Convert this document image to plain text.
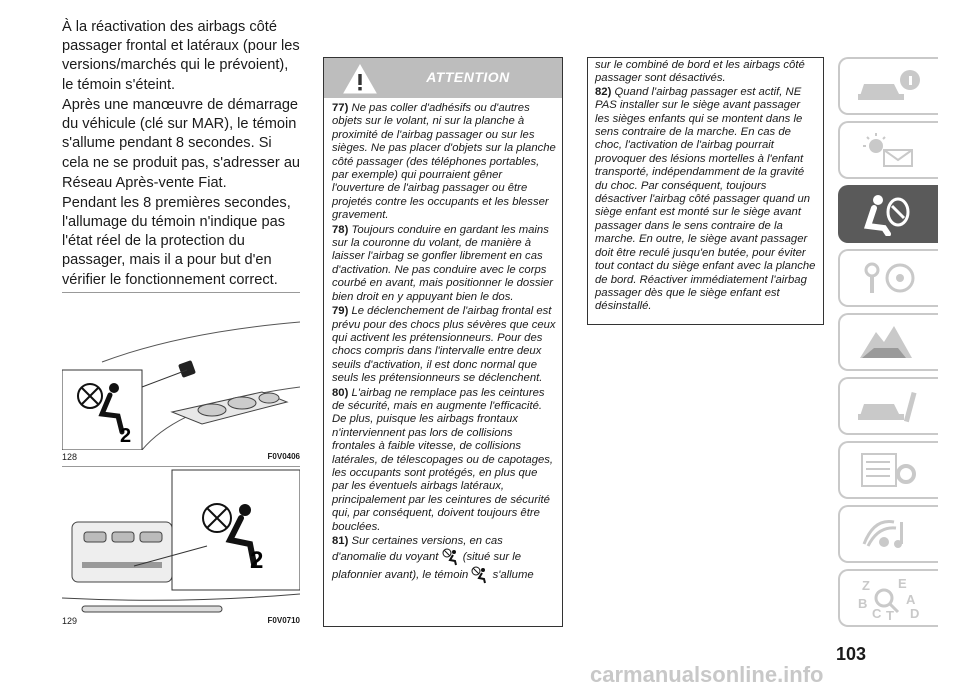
À la réactivation des airbags côté passager frontal et latéraux (pour les versions/marchés qui le prévoient), le témoin s'éteint.

Après une manœuvre de démarrage du véhicule (clé sur MAR), le témoin s'allume pendant 8 secondes. Si

cela ne se produit pas, s'adresser au Réseau Après-vente Fiat.

Pendant les 8 premières secondes, l'allumage du témoin n'indique pas l'état réel de la protection du passager, mais il a pour but d'en vérifier le fonctionnement correct.

2
128	F0V0406
2
129	F0V0710
ATTENTION

77) Ne pas coller d'adhésifs ou d'autres objets sur le volant, ni sur la planche à proximité de l'airbag passager ou sur les sièges. Ne pas placer d'objets sur la planche côté passager (des téléphones portables, par exemple) qui pourraient gêner l'ouverture de l'airbag passager ou être projetés contre les occupants et les blesser gravement.

78) Toujours conduire en gardant les mains sur la couronne du volant, de manière à laisser l'airbag se gonfler librement en cas d'activation. Ne pas conduire avec le corps courbé en avant, mais positionner le dossier bien droit en y appuyant bien le dos.

79) Le déclenchement de l'airbag frontal est prévu pour des chocs plus sévères que ceux qui activent les prétensionneurs. Pour des chocs compris dans l'intervalle entre deux seuils d'activation, il est donc normal que seuls les prétensionneurs se déclenchent.

80) L'airbag ne remplace pas les ceintures de sécurité, mais en augmente l'efficacité. De plus, puisque les airbags frontaux n'interviennent pas lors de collisions frontales à faible vitesse, de collisions latérales, de télescopages ou de capotages, les occupants sont protégés, en plus que par les éventuels airbags latéraux, principalement par les ceintures de sécurité qui, par conséquent, doivent toujours être bouclées.

81) Sur certaines versions, en cas d'anomalie du voyant (situé sur le plafonnier avant), le témoin s'allume

sur le combiné de bord et les airbags côté passager sont désactivés.

82) Quand l'airbag passager est actif, NE PAS installer sur le siège avant passager les sièges enfants qui se montent dans le sens contraire de la marche. En cas de choc, l'activation de l'airbag pourrait provoquer des lésions mortelles à l'enfant transporté, indépendamment de la gravité du choc. Par conséquent, toujours désactiver l'airbag côté passager quand un siège enfant est monté sur le siège avant passager dans le sens contraire de la marche. En outre, le siège avant passager doit être reculé jusqu'en butée, pour éviter tout contact du siège enfant avec la planche de bord. Réactiver immédiatement l'airbag passager dès que le siège enfant est désinstallé.

Z E
B	A
C T D
103
carmanualsonline.info
